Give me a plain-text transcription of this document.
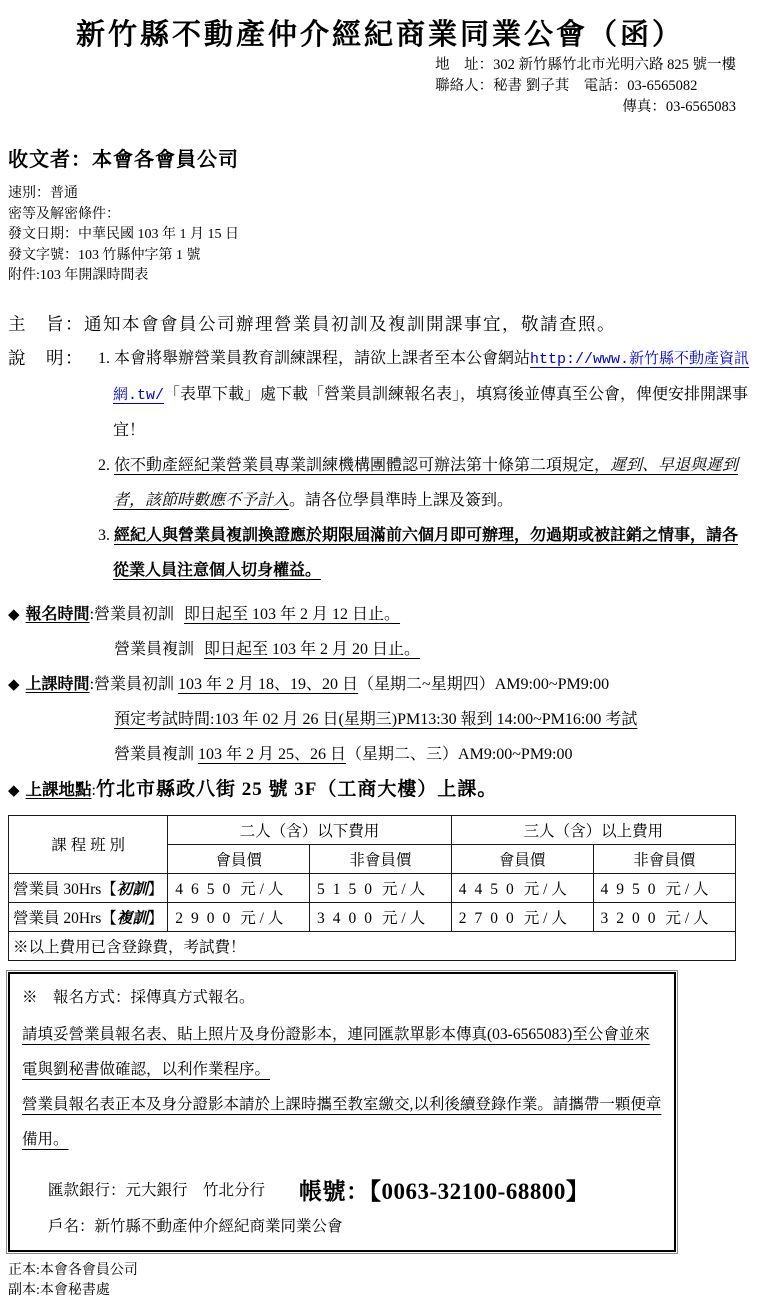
新竹縣不動產仲介經紀商業同業公會（函）
地　址：302 新竹縣竹北市光明六路 825 號一樓
聯絡人：秘書 劉子萁　電話：03-6565082
傳真：03-6565083
收文者：本會各會員公司
速別：普通
密等及解密條件：
發文日期：中華民國 103 年 1 月 15 日
發文字號：103 竹縣仲字第 1 號
附件:103 年開課時間表
主　旨：通知本會會員公司辦理營業員初訓及複訓開課事宜，敬請查照。
說　明： 1. 本會將舉辦營業員教育訓練課程，請欲上課者至本公會網站http://www.新竹縣不動產資訊網.tw/「表單下載」處下載「營業員訓練報名表」，填寫後並傳真至公會，俾便安排開課事宜！
2. 依不動產經紀業營業員專業訓練機構團體認可辦法第十條第二項規定，遲到、早退與遲到者，該節時數應不予計入。請各位學員準時上課及簽到。
3. 經紀人與營業員複訓換證應於期限屆滿前六個月即可辦理，勿過期或被註銷之情事，請各從業人員注意個人切身權益。
◆ 報名時間:營業員初訓 即日起至 103 年 2 月 12 日止。
營業員複訓 即日起至 103 年 2 月 20 日止。
◆ 上課時間:營業員初訓 103 年 2 月 18、19、20 日（星期二~星期四）AM9:00~PM9:00
預定考試時間:103 年 02 月 26 日(星期三)PM13:30 報到 14:00~PM16:00 考試
營業員複訓 103 年 2 月 25、26 日（星期二、三）AM9:00~PM9:00
◆ 上課地點:竹北市縣政八街 25 號 3F（工商大樓）上課。
課 程 班 別	二人（含）以下費用		三人（含）以上費用	
	會員價	非會員價	會員價	非會員價
營業員 30Hrs【初訓】	4650 元 / 人	5150 元 / 人	4450 元 / 人	4950 元 / 人
營業員 20Hrs【複訓】	2900 元 / 人	3400 元 / 人	2700 元 / 人	3200 元 / 人
※以上費用已含登錄費，考試費！				
※　報名方式：採傳真方式報名。

請填妥營業員報名表、貼上照片及身份證影本，連同匯款單影本傳真(03-6565083)至公會並來電與劉秘書做確認，以利作業程序。

營業員報名表正本及身分證影本請於上課時攜至教室繳交,以利後續登錄作業。請攜帶一顆便章備用。

匯款銀行：元大銀行　竹北分行 帳號：【0063-32100-68800】
戶名：新竹縣不動產仲介經紀商業同業公會
正本:本會各會員公司
副本:本會秘書處
